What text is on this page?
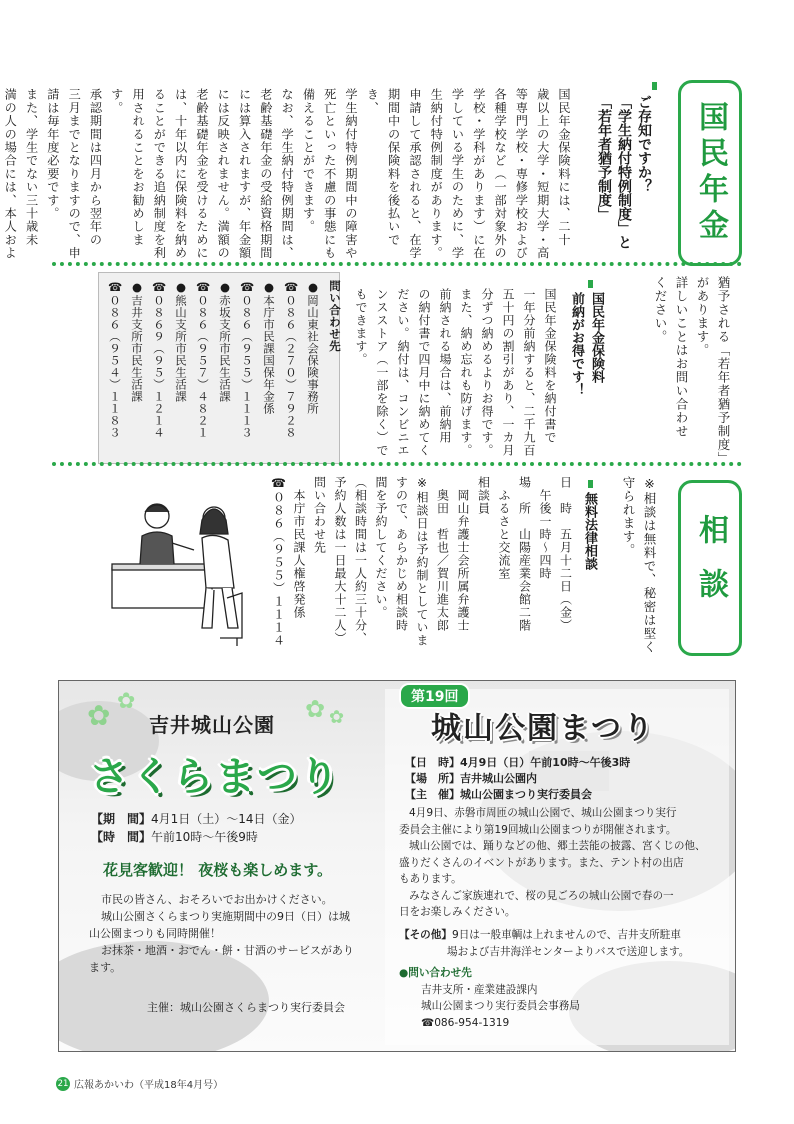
国民年金
ご存知ですか？
「学生納付特例制度」と
「若年者猶予制度」
国民年金保険料には、二十
歳以上の大学・短期大学・高
等専門学校・専修学校および
各種学校など（一部対象外の
学校・学科があります）に在
学している学生のために、学
生納付特例制度があります。
申請して承認されると、在学
期間中の保険料を後払いでき、
学生納付特例期間中の障害や
死亡といった不慮の事態にも
備えることができます。
なお、学生納付特例期間は、
老齢基礎年金の受給資格期間
には算入されますが、年金額
には反映されません。満額の
老齢基礎年金を受けるために
は、十年以内に保険料を納め
ることができる追納制度を利
用されることをお勧めします。
承認期間は四月から翌年の
三月までとなりますので、申
請は毎年度必要です。
また、学生でない三十歳未
満の人の場合には、本人およ
猶予される「若年者猶予制度」
があります。
詳しいことはお問い合わせ
ください。
国民年金保険料
前納がお得です！
国民年金保険料を納付書で
一年分前納すると、二千九百
五十円の割引があり、一カ月
分ずつ納めるよりお得です。
また、納め忘れも防げます。
前納される場合は、前納用
の納付書で四月中に納めてく
ださい。納付は、コンビニエ
ンスストア（一部を除く）で
もできます。
問い合わせ先
●岡山東社会保険事務所
☎０８６（２７０）７９２８
●本庁市民課国保年金係
☎０８６（９５５）１１１３
●赤坂支所市民生活課
☎０８６（９５７）４８２１
●熊山支所市民生活課
☎０８６９（９５）１２１４
●吉井支所市民生活課
☎０８６（９５４）１１８３
相談
※相談は無料で、秘密は堅く
守られます。
無料法律相談
日　時　五月十二日（金）
　午後一時～四時
場　所　山陽産業会館二階
　ふるさと交流室
相談員
　岡山弁護士会所属弁護士
　奥田　哲也／賀川進太郎
※相談日は予約制としていま
すので、あらかじめ相談時
間を予約してください。
（相談時間は一人約三十分、
予約人数は一日最大十二人）
問い合わせ先
　本庁市民課人権啓発係
☎０８６（９５５）１１１４
✿ ✿	✿ ✿
吉井城山公園
さくらまつり
【期　間】4月1日（土）～14日（金）
【時　間】午前10時～午後9時
花見客歓迎！ 夜桜も楽しめます。
市民の皆さん、おそろいでお出かけください。
城山公園さくらまつり実施期間中の9日（日）は城
山公園まつりも同時開催！
お抹茶・地酒・おでん・餅・甘酒のサービスがあり
ます。
主催：城山公園さくらまつり実行委員会
第19回
城山公園まつり
【日　時】4月9日（日）午前10時～午後3時
【場　所】吉井城山公園内
【主　催】城山公園まつり実行委員会
4月9日、赤磐市周匝の城山公園で、城山公園まつり実行
委員会主催により第19回城山公園まつりが開催されます。
城山公園では、踊りなどの他、郷土芸能の披露、宮くじの他、
盛りだくさんのイベントがあります。また、テント村の出店
もあります。
みなさんご家族連れで、桜の見ごろの城山公園で春の一
日をお楽しみください。
【その他】9日は一般車輌は上れませんので、吉井支所駐車
場および吉井海洋センターよりバスで送迎します。
●問い合わせ先
吉井支所・産業建設課内
城山公園まつり実行委員会事務局
☎086-954-1319
21 広報あかいわ（平成18年4月号）
